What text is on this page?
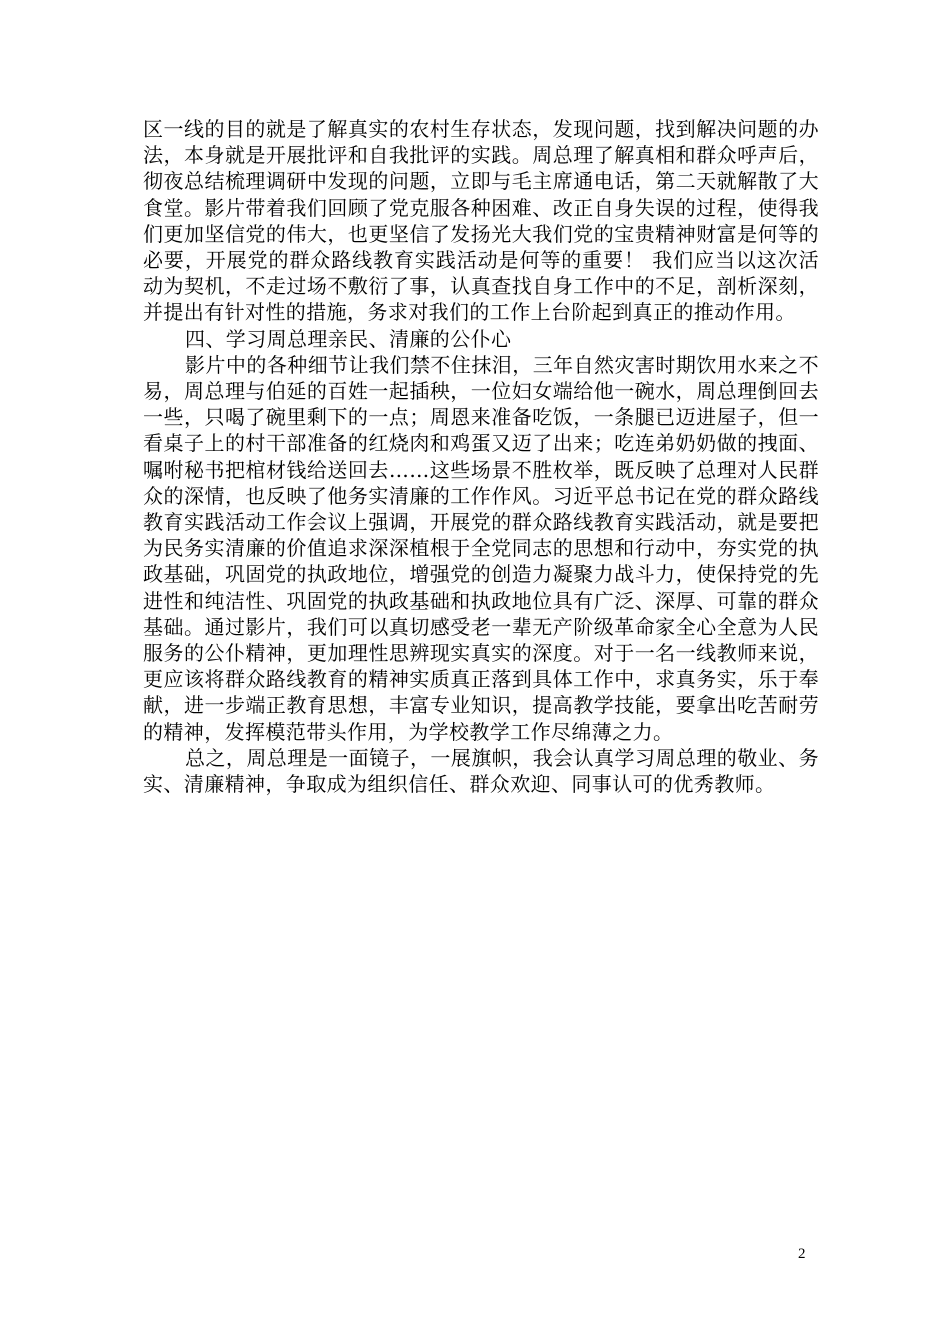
区一线的目的就是了解真实的农村生存状态，发现问题，找到解决问题的办法，本身就是开展批评和自我批评的实践。周总理了解真相和群众呼声后，彻夜总结梳理调研中发现的问题，立即与毛主席通电话，第二天就解散了大食堂。影片带着我们回顾了党克服各种困难、改正自身失误的过程，使得我们更加坚信党的伟大，也更坚信了发扬光大我们党的宝贵精神财富是何等的必要，开展党的群众路线教育实践活动是何等的重要！ 我们应当以这次活动为契机，不走过场不敷衍了事，认真查找自身工作中的不足，剖析深刻，并提出有针对性的措施，务求对我们的工作上台阶起到真正的推动作用。

四、学习周总理亲民、清廉的公仆心

影片中的各种细节让我们禁不住抹泪，三年自然灾害时期饮用水来之不易，周总理与伯延的百姓一起插秧，一位妇女端给他一碗水，周总理倒回去一些，只喝了碗里剩下的一点；周恩来准备吃饭，一条腿已迈进屋子，但一看桌子上的村干部准备的红烧肉和鸡蛋又迈了出来；吃连弟奶奶做的拽面、嘱咐秘书把棺材钱给送回去……这些场景不胜枚举，既反映了总理对人民群众的深情，也反映了他务实清廉的工作作风。习近平总书记在党的群众路线教育实践活动工作会议上强调，开展党的群众路线教育实践活动，就是要把为民务实清廉的价值追求深深植根于全党同志的思想和行动中，夯实党的执政基础，巩固党的执政地位，增强党的创造力凝聚力战斗力，使保持党的先进性和纯洁性、巩固党的执政基础和执政地位具有广泛、深厚、可靠的群众基础。通过影片，我们可以真切感受老一辈无产阶级革命家全心全意为人民服务的公仆精神，更加理性思辨现实真实的深度。对于一名一线教师来说，更应该将群众路线教育的精神实质真正落到具体工作中，求真务实，乐于奉献，进一步端正教育思想，丰富专业知识，提高教学技能，要拿出吃苦耐劳的精神，发挥模范带头作用，为学校教学工作尽绵薄之力。

总之，周总理是一面镜子，一展旗帜，我会认真学习周总理的敬业、务实、清廉精神，争取成为组织信任、群众欢迎、同事认可的优秀教师。

2
